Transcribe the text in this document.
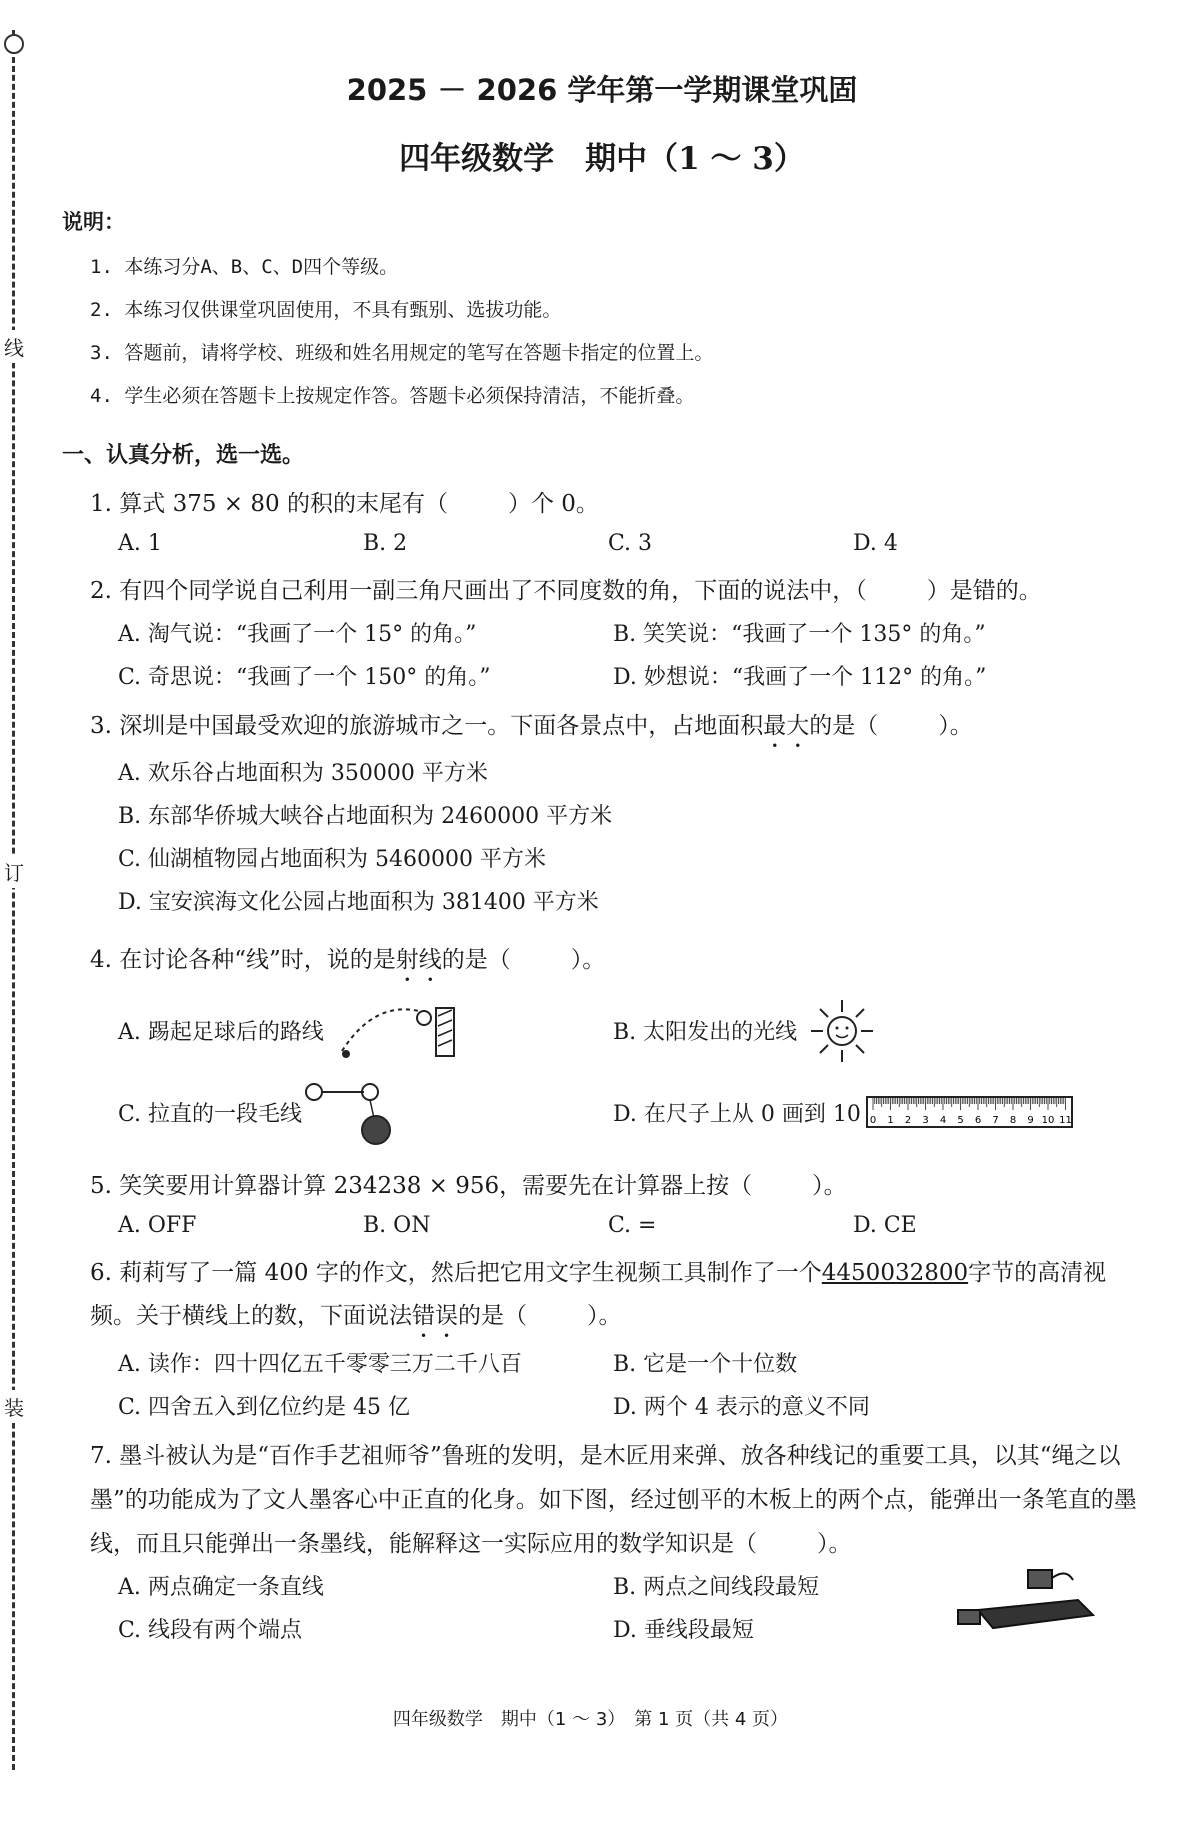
线
订
装
2025 － 2026 学年第一学期课堂巩固
四年级数学　期中（1 ～ 3）
说明：
1. 本练习分A、B、C、D四个等级。
2. 本练习仅供课堂巩固使用，不具有甄别、选拔功能。
3. 答题前，请将学校、班级和姓名用规定的笔写在答题卡指定的位置上。
4. 学生必须在答题卡上按规定作答。答题卡必须保持清洁，不能折叠。
一、认真分析，选一选。
1. 算式 375 × 80 的积的末尾有（	）个 0。
A. 1	B. 2	C. 3	D. 4
2. 有四个同学说自己利用一副三角尺画出了不同度数的角，下面的说法中，（	）是错的。
A. 淘气说：“我画了一个 15° 的角。”	B. 笑笑说：“我画了一个 135° 的角。”
C. 奇思说：“我画了一个 150° 的角。”	D. 妙想说：“我画了一个 112° 的角。”
3. 深圳是中国最受欢迎的旅游城市之一。下面各景点中，占地面积最大的是（	）。
A. 欢乐谷占地面积为 350000 平方米
B. 东部华侨城大峡谷占地面积为 2460000 平方米
C. 仙湖植物园占地面积为 5460000 平方米
D. 宝安滨海文化公园占地面积为 381400 平方米
4. 在讨论各种“线”时，说的是射线的是（	）。
A. 踢起足球后的路线	B. 太阳发出的光线
C. 拉直的一段毛线	D. 在尺子上从 0 画到 10 0 1 2 3 4 5 6 7 8 9 10 11
5. 笑笑要用计算器计算 234238 × 956，需要先在计算器上按（	）。
A. OFF	B. ON	C. =	D. CE
6. 莉莉写了一篇 400 字的作文，然后把它用文字生视频工具制作了一个4450032800字节的高清视频。关于横线上的数，下面说法错误的是（	）。
A. 读作：四十四亿五千零零三万二千八百	B. 它是一个十位数
C. 四舍五入到亿位约是 45 亿	D. 两个 4 表示的意义不同
7. 墨斗被认为是“百作手艺祖师爷”鲁班的发明，是木匠用来弹、放各种线记的重要工具，以其“绳之以墨”的功能成为了文人墨客心中正直的化身。如下图，经过刨平的木板上的两个点，能弹出一条笔直的墨线，而且只能弹出一条墨线，能解释这一实际应用的数学知识是（	）。
A. 两点确定一条直线	B. 两点之间线段最短
C. 线段有两个端点	D. 垂线段最短
四年级数学　期中（1 ～ 3）　第 1 页（共 4 页）
